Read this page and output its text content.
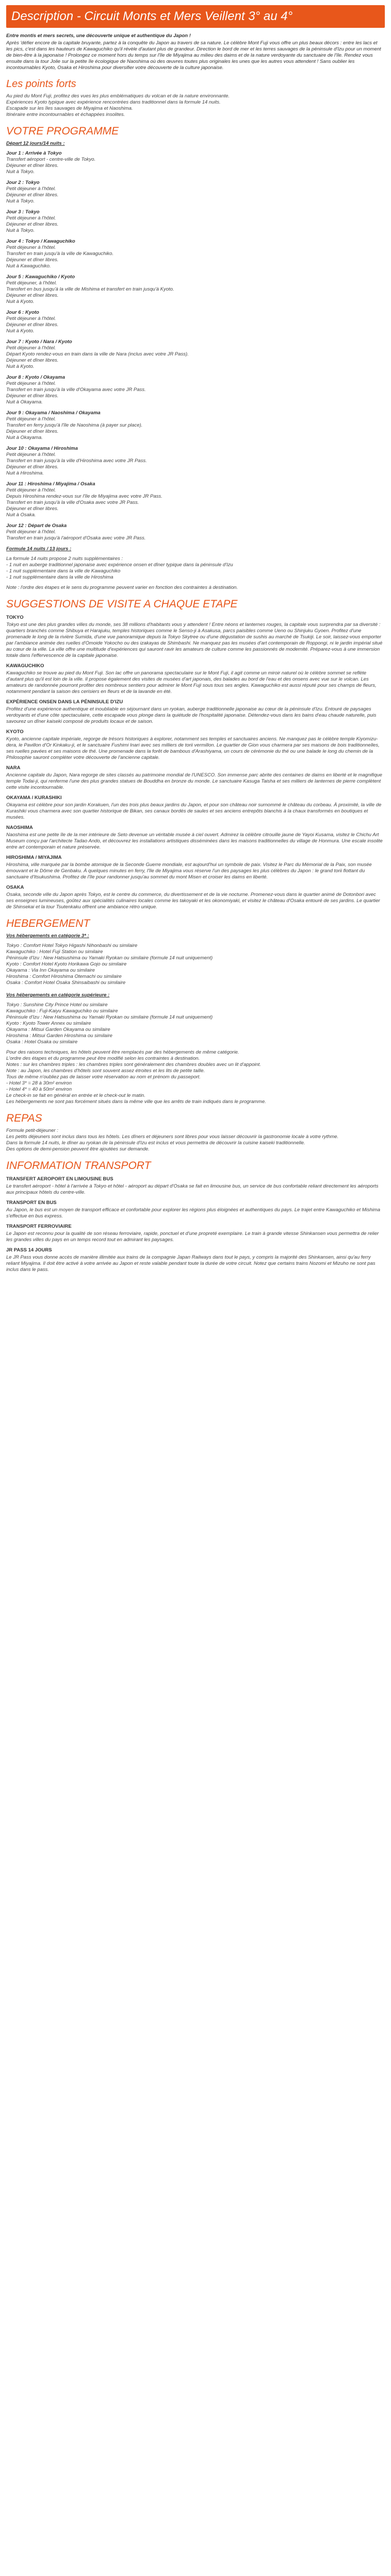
Description - Circuit Monts et Mers Veillent 3° au 4°

Entre montis et mers secrets, une découverte unique et authentique du Japon !

Après 'défier encore de la capitale bruyante, partez à la conquête du Japon au travers de sa nature. Le célèbre Mont Fuji vous offre un plus beaux décors : entre les lacs et les pics, c'est dans les hauteurs de Kawaguchiko qu'il révèle d'autant plus de grandeur. Direction le bord de mer et les terres sauvages de la péninsule d'Izu pour un moment de bien-être à la japonaise ! Prolongez ce moment hors du temps sur l'île de Miyajima au milieu des daims et de la nature verdoyante du sanctuaire de l'île. Rendez vous ensuite dans la tour Jolie sur la petite île écologique de Naoshima où des œuvres toutes plus originales les unes que les autres vous attendent ! Sans oublier les incontournables Kyoto, Osaka et Hiroshima pour diversifier votre découverte de la culture japonaise.

Les points forts
Au pied du Mont Fuji, profitez des vues les plus emblématiques du volcan et de la nature environnante.
Expériences Kyoto typique avec expérience rencontrées dans traditionnel dans la formule 14 nuits.
Escapade sur les îles sauvages de Miyajima et Naoshima.
Itinéraire entre incontournables et échappées insolites.
VOTRE PROGRAMME
Départ 12 jours/14 nuits :
Jour 1 : Arrivée à Tokyo
Transfert aéroport - centre-ville de Tokyo.
Déjeuner et dîner libres.
Nuit à Tokyo.
Jour 2 : Tokyo
Petit déjeuner à l'hôtel.
Déjeuner et dîner libres.
Nuit à Tokyo.
Jour 3 : Tokyo
Petit déjeuner à l'hôtel.
Déjeuner et dîner libres.
Nuit à Tokyo.
Jour 4 : Tokyo / Kawaguchiko
Petit déjeuner à l'hôtel.
Transfert en train jusqu'à la ville de Kawaguchiko.
Déjeuner et dîner libres.
Nuit à Kawaguchiko.
Jour 5 : Kawaguchiko / Kyoto
Petit déjeuner, à l'hôtel.
Transfert en bus jusqu'à la ville de Mishima et transfert en train jusqu'à Kyoto.
Déjeuner et dîner libres.
Nuit à Kyoto.
Jour 6 : Kyoto
Petit déjeuner à l'hôtel.
Déjeuner et dîner libres.
Nuit à Kyoto.
Jour 7 : Kyoto / Nara / Kyoto
Petit déjeuner à l'hôtel.
Départ Kyoto rendez-vous en train dans la ville de Nara (inclus avec votre JR Pass).
Déjeuner et dîner libres.
Nuit à Kyoto.
Jour 8 : Kyoto / Okayama
Petit déjeuner à l'hôtel.
Transfert en train jusqu'à la ville d'Okayama avec votre JR Pass.
Déjeuner et dîner libres.
Nuit à Okayama.
Jour 9 : Okayama / Naoshima / Okayama
Petit déjeuner à l'hôtel.
Transfert en ferry jusqu'à l'île de Naoshima (à payer sur place).
Déjeuner et dîner libres.
Nuit à Okayama.
Jour 10 : Okayama / Hiroshima
Petit déjeuner à l'hôtel.
Transfert en train jusqu'à la ville d'Hiroshima avec votre JR Pass.
Déjeuner et dîner libres.
Nuit à Hiroshima.
Jour 11 : Hiroshima / Miyajima / Osaka
Petit déjeuner à l'hôtel.
Depuis Hiroshima rendez-vous sur l'île de Miyajima avec votre JR Pass.
Transfert en train jusqu'à la ville d'Osaka avec votre JR Pass.
Déjeuner et dîner libres.
Nuit à Osaka.
Jour 12 : Départ de Osaka
Petit déjeuner à l'hôtel.
Transfert en train jusqu'à l'aéroport d'Osaka avec votre JR Pass.
Formule 14 nuits / 13 jours :
La formule 14 nuits propose 2 nuits supplémentaires :
- 1 nuit en auberge traditionnel japonaise avec expérience onsen et dîner typique dans la péninsule d'Izu
- 1 nuit supplémentaire dans la ville de Kawaguchiko
- 1 nuit supplémentaire dans la ville de Hiroshima
Note : l'ordre des étapes et le sens du programme peuvent varier en fonction des contraintes à destination.
SUGGESTIONS DE VISITE A CHAQUE ETAPE
TOKYO
Tokyo est une des plus grandes villes du monde, ses 38 millions d'habitants vous y attendent ! Entre néons et lanternes rouges, la capitale vous surprendra par sa diversité : quartiers branchés comme Shibuya et Harajuku, temples historiques comme le Senso-ji à Asakusa, parcs paisibles comme Ueno ou Shinjuku Gyoen. Profitez d'une promenade le long de la rivière Sumida, d'une vue panoramique depuis la Tokyo Skytree ou d'une dégustation de sushis au marché de Tsukiji. Le soir, laissez-vous emporter par l'ambiance animée des ruelles d'Omoide Yokocho ou des izakayas de Shimbashi. Ne manquez pas les musées d'art contemporain de Roppongi, ni le jardin impérial situé au cœur de la ville. La ville offre une multitude d'expériences qui sauront ravir les amateurs de culture comme les passionnés de modernité. Préparez-vous à une immersion totale dans l'effervescence de la capitale japonaise.
KAWAGUCHIKO
Kawaguchiko se trouve au pied du Mont Fuji. Son lac offre un panorama spectaculaire sur le Mont Fuji, il agit comme un miroir naturel où le célèbre sommet se reflète d'autant plus qu'il est loin de la ville. Il propose également des visites de musées d'art japonais, des balades au bord de l'eau et des onsens avec vue sur le volcan. Les amateurs de randonnée pourront profiter des nombreux sentiers pour admirer le Mont Fuji sous tous ses angles. Kawaguchiko est aussi réputé pour ses champs de fleurs, notamment pendant la saison des cerisiers en fleurs et de la lavande en été.
EXPÉRIENCE ONSEN DANS LA PÉNINSULE D'IZU
Profitez d'une expérience authentique et inoubliable en séjournant dans un ryokan, auberge traditionnelle japonaise au cœur de la péninsule d'Izu. Entouré de paysages verdoyants et d'une côte spectaculaire, cette escapade vous plonge dans la quiétude de l'hospitalité japonaise. Détendez-vous dans les bains d'eau chaude naturelle, puis savourez un dîner kaiseki composé de produits locaux et de saison.
KYOTO
Kyoto, ancienne capitale impériale, regorge de trésors historiques à explorer, notamment ses temples et sanctuaires anciens. Ne manquez pas le célèbre temple Kiyomizu-dera, le Pavillon d'Or Kinkaku-ji, et le sanctuaire Fushimi Inari avec ses milliers de torii vermillon. Le quartier de Gion vous charmera par ses maisons de bois traditionnelles, ses ruelles pavées et ses maisons de thé. Une promenade dans la forêt de bambous d'Arashiyama, un cours de cérémonie du thé ou une balade le long du chemin de la Philosophie sauront compléter votre découverte de l'ancienne capitale.
NARA
Ancienne capitale du Japon, Nara regorge de sites classés au patrimoine mondial de l'UNESCO. Son immense parc abrite des centaines de daims en liberté et le magnifique temple Todai-ji, qui renferme l'une des plus grandes statues de Bouddha en bronze du monde. Le sanctuaire Kasuga Taisha et ses milliers de lanternes de pierre complètent cette visite incontournable.
OKAYAMA / KURASHIKI
Okayama est célèbre pour son jardin Korakuen, l'un des trois plus beaux jardins du Japon, et pour son château noir surnommé le château du corbeau. À proximité, la ville de Kurashiki vous charmera avec son quartier historique de Bikan, ses canaux bordés de saules et ses anciens entrepôts blanchis à la chaux transformés en boutiques et musées.
NAOSHIMA
Naoshima est une petite île de la mer intérieure de Seto devenue un véritable musée à ciel ouvert. Admirez la célèbre citrouille jaune de Yayoi Kusama, visitez le Chichu Art Museum conçu par l'architecte Tadao Ando, et découvrez les installations artistiques disséminées dans les maisons traditionnelles du village de Honmura. Une escale insolite entre art contemporain et nature préservée.
HIROSHIMA / MIYAJIMA
Hiroshima, ville marquée par la bombe atomique de la Seconde Guerre mondiale, est aujourd'hui un symbole de paix. Visitez le Parc du Mémorial de la Paix, son musée émouvant et le Dôme de Genbaku. À quelques minutes en ferry, l'île de Miyajima vous réserve l'un des paysages les plus célèbres du Japon : le grand torii flottant du sanctuaire d'Itsukushima. Profitez de l'île pour randonner jusqu'au sommet du mont Misen et croiser les daims en liberté.
OSAKA
Osaka, seconde ville du Japon après Tokyo, est le centre du commerce, du divertissement et de la vie nocturne. Promenez-vous dans le quartier animé de Dotonbori avec ses enseignes lumineuses, goûtez aux spécialités culinaires locales comme les takoyaki et les okonomiyaki, et visitez le château d'Osaka entouré de ses jardins. Le quartier de Shinsekai et la tour Tsutenkaku offrent une ambiance rétro unique.
HEBERGEMENT
Vos hébergements en catégorie 3* :
Tokyo : Comfort Hotel Tokyo Higashi Nihonbashi ou similaire
Kawaguchiko : Hotel Fuji Station ou similaire
Péninsule d'Izu : New Hatsushima ou Yamaki Ryokan ou similaire (formule 14 nuit uniquement)
Kyoto : Comfort Hotel Kyoto Horikawa Gojo ou similaire
Okayama : Via Inn Okayama ou similaire
Hiroshima : Comfort Hiroshima Otemachi ou similaire
Osaka : Comfort Hotel Osaka Shinsaibashi ou similaire
Vos hébergements en catégorie supérieure :
Tokyo : Sunshine City Prince Hotel ou similaire
Kawaguchiko : Fuji-Kaiyu Kawaguchiko ou similaire
Péninsule d'Izu : New Hatsushima ou Yamaki Ryokan ou similaire (formule 14 nuit uniquement)
Kyoto : Kyoto Tower Annex ou similaire
Okayama : Mitsui Garden Okayama ou similaire
Hiroshima : Mitsui Garden Hiroshima ou similaire
Osaka : Hotel Osaka ou similaire
Pour des raisons techniques, les hôtels peuvent être remplacés par des hébergements de même catégorie.
L'ordre des étapes et du programme peut être modifié selon les contraintes à destination.
Notes : sur les chambres triples : les chambres triples sont généralement des chambres doubles avec un lit d'appoint.
Note : au Japon, les chambres d'hôtels sont souvent assez étroites et les lits de petite taille.
Tous de même n'oubliez pas de laisser votre réservation au nom et prénom du passeport.
- Hotel 3* = 28 à 30m² environ
- Hotel 4* = 40 à 50m² environ
Le check-in se fait en général en entrée et le check-out le matin.
Les hébergements ne sont pas forcément situés dans la même ville que les arrêts de train indiqués dans le programme.
REPAS
Formule petit-déjeuner :
Les petits déjeuners sont inclus dans tous les hôtels. Les dîners et déjeuners sont libres pour vous laisser découvrir la gastronomie locale à votre rythme.
Dans la formule 14 nuits, le dîner au ryokan de la péninsule d'Izu est inclus et vous permettra de découvrir la cuisine kaiseki traditionnelle.
Des options de demi-pension peuvent être ajoutées sur demande.
INFORMATION TRANSPORT
TRANSFERT AEROPORT EN LIMOUSINE BUS
Le transfert aéroport - hôtel à l'arrivée à Tokyo et hôtel - aéroport au départ d'Osaka se fait en limousine bus, un service de bus confortable reliant directement les aéroports aux principaux hôtels du centre-ville.
TRANSPORT EN BUS
Au Japon, le bus est un moyen de transport efficace et confortable pour explorer les régions plus éloignées et authentiques du pays. Le trajet entre Kawaguchiko et Mishima s'effectue en bus express.
TRANSPORT FERROVIAIRE
Le Japon est reconnu pour la qualité de son réseau ferroviaire, rapide, ponctuel et d'une propreté exemplaire. Le train à grande vitesse Shinkansen vous permettra de relier les grandes villes du pays en un temps record tout en admirant les paysages.
JR PASS 14 JOURS
Le JR Pass vous donne accès de manière illimitée aux trains de la compagnie Japan Railways dans tout le pays, y compris la majorité des Shinkansen, ainsi qu'au ferry reliant Miyajima. Il doit être activé à votre arrivée au Japon et reste valable pendant toute la durée de votre circuit. Notez que certains trains Nozomi et Mizuho ne sont pas inclus dans le pass.
